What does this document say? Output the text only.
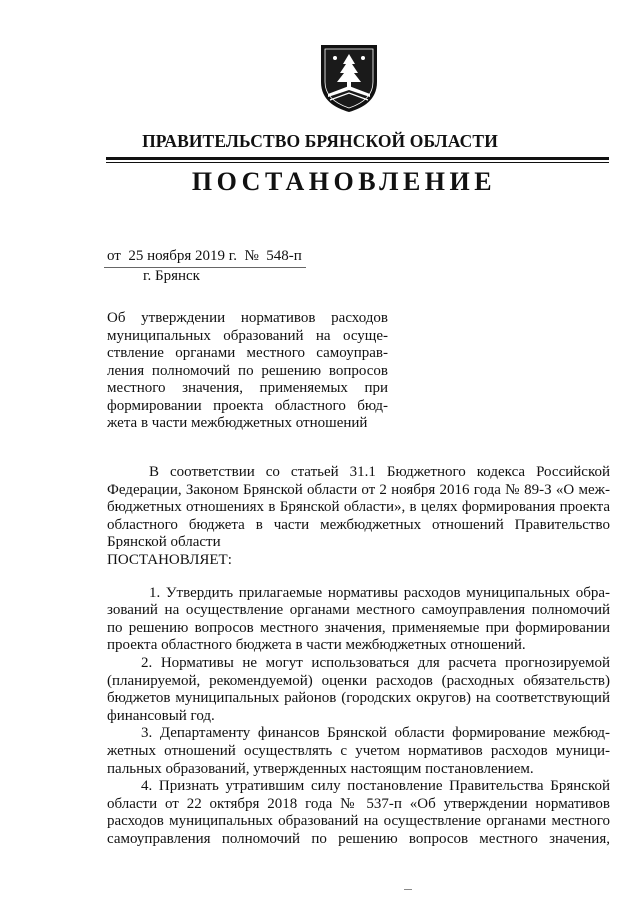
ПРАВИТЕЛЬСТВО БРЯНСКОЙ ОБЛАСТИ
ПОСТАНОВЛЕНИЕ
от  25 ноября 2019 г.  №  548-п
г. Брянск
Об утверждении нормативов расходов
муниципальных образований на осуще-
ствление органами местного самоуправ-
ления полномочий по решению вопросов
местного значения, применяемых при
формировании проекта областного бюд-
жета в части межбюджетных отношений
В соответствии со статьей 31.1 Бюджетного кодекса Российской
Федерации, Законом Брянской области от 2 ноября 2016 года № 89-З «О меж-
бюджетных отношениях в Брянской области», в целях формирования проекта
областного бюджета в части межбюджетных отношений Правительство
Брянской области
ПОСТАНОВЛЯЕТ:
1. Утвердить прилагаемые нормативы расходов муниципальных обра-
зований на осуществление органами местного самоуправления полномочий
по решению вопросов местного значения, применяемые при формировании
проекта областного бюджета в части межбюджетных отношений.
2. Нормативы не могут использоваться для расчета прогнозируемой
(планируемой, рекомендуемой) оценки расходов (расходных обязательств)
бюджетов муниципальных районов (городских округов) на соответствующий
финансовый год.
3. Департаменту финансов Брянской области формирование межбюд-
жетных отношений осуществлять с учетом нормативов расходов муници-
пальных образований, утвержденных настоящим постановлением.
4. Признать утратившим силу постановление Правительства Брянской
области от 22 октября 2018 года № 537-п «Об утверждении нормативов
расходов муниципальных образований на осуществление органами местного
самоуправления полномочий по решению вопросов местного значения,
